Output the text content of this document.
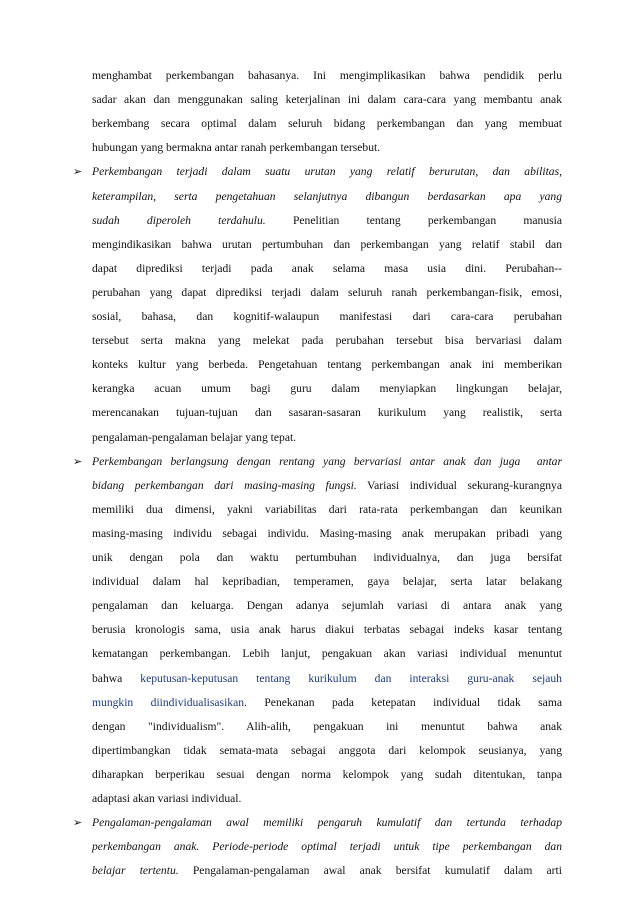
menghambat perkembangan bahasanya. Ini mengimplikasikan bahwa pendidik perlu
sadar akan dan menggunakan saling keterjalinan ini dalam cara-cara yang membantu anak
berkembang secara optimal dalam seluruh bidang perkembangan dan yang membuat
hubungan yang bermakna antar ranah perkembangan tersebut.
➢ Perkembangan terjadi dalam suatu urutan yang relatif berurutan, dan abilitas,
keterampilan, serta pengetahuan selanjutnya dibangun berdasarkan apa yang
sudah diperoleh terdahulu. Penelitian tentang perkembangan manusia
mengindikasikan bahwa urutan pertumbuhan dan perkembangan yang relatif stabil dan
dapat diprediksi terjadi pada anak selama masa usia dini. Perubahan--
perubahan yang dapat diprediksi terjadi dalam seluruh ranah perkembangan-fisik, emosi,
sosial, bahasa, dan kognitif-walaupun manifestasi dari cara-cara perubahan
tersebut serta makna yang melekat pada perubahan tersebut bisa bervariasi dalam
konteks kultur yang berbeda. Pengetahuan tentang perkembangan anak ini memberikan
kerangka acuan umum bagi guru dalam menyiapkan lingkungan belajar,
merencanakan tujuan-tujuan dan sasaran-sasaran kurikulum yang realistik, serta
pengalaman-pengalaman belajar yang tepat.
➢ Perkembangan berlangsung dengan rentang yang bervariasi antar anak dan juga  antar
bidang perkembangan dari masing-masing fungsi. Variasi individual sekurang-kurangnya
memiliki dua dimensi, yakni variabilitas dari rata-rata perkembangan dan keunikan
masing-masing individu sebagai individu. Masing-masing anak merupakan pribadi yang
unik dengan pola dan waktu pertumbuhan individualnya, dan juga bersifat
individual dalam hal kepribadian, temperamen, gaya belajar, serta latar belakang
pengalaman dan keluarga. Dengan adanya sejumlah variasi di antara anak yang
berusia kronologis sama, usia anak harus diakui terbatas sebagai indeks kasar tentang
kematangan perkembangan. Lebih lanjut, pengakuan akan variasi individual menuntut
bahwa keputusan-keputusan tentang kurikulum dan interaksi guru-anak sejauh
mungkin diindividualisasikan. Penekanan pada ketepatan individual tidak sama
dengan "individualism". Alih-alih, pengakuan ini menuntut bahwa anak
dipertimbangkan tidak semata-mata sebagai anggota dari kelompok seusianya, yang
diharapkan berperikau sesuai dengan norma kelompok yang sudah ditentukan, tanpa
adaptasi akan variasi individual.
➢ Pengalaman-pengalaman awal memiliki pengaruh kumulatif dan tertunda terhadap
perkembangan anak. Periode-periode optimal terjadi untuk tipe perkembangan dan
belajar tertentu. Pengalaman-pengalaman awal anak bersifat kumulatif dalam arti
